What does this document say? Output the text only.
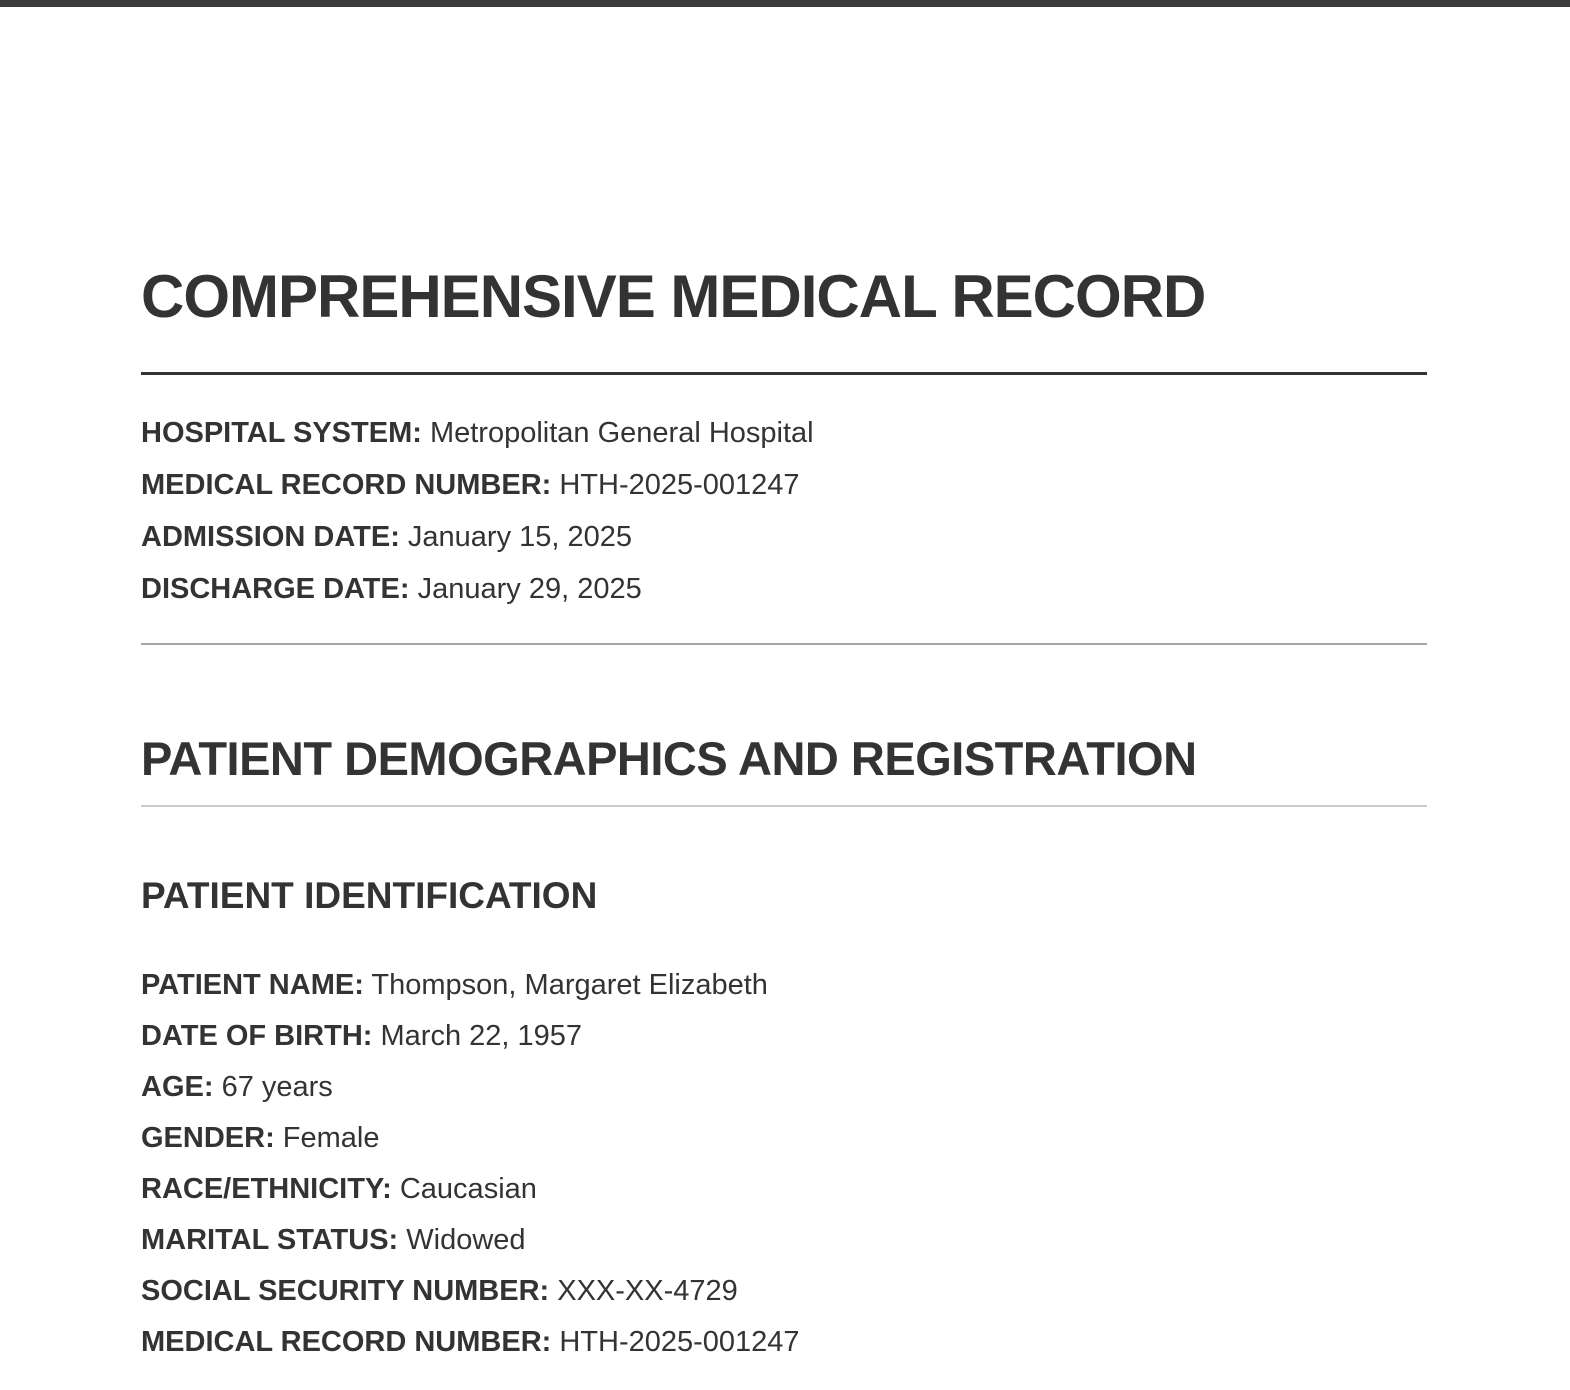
COMPREHENSIVE MEDICAL RECORD

HOSPITAL SYSTEM: Metropolitan General Hospital

MEDICAL RECORD NUMBER: HTH-2025-001247

ADMISSION DATE: January 15, 2025

DISCHARGE DATE: January 29, 2025

PATIENT DEMOGRAPHICS AND REGISTRATION
PATIENT IDENTIFICATION

PATIENT NAME: Thompson, Margaret Elizabeth

DATE OF BIRTH: March 22, 1957

AGE: 67 years

GENDER: Female

RACE/ETHNICITY: Caucasian

MARITAL STATUS: Widowed

SOCIAL SECURITY NUMBER: XXX-XX-4729

MEDICAL RECORD NUMBER: HTH-2025-001247
